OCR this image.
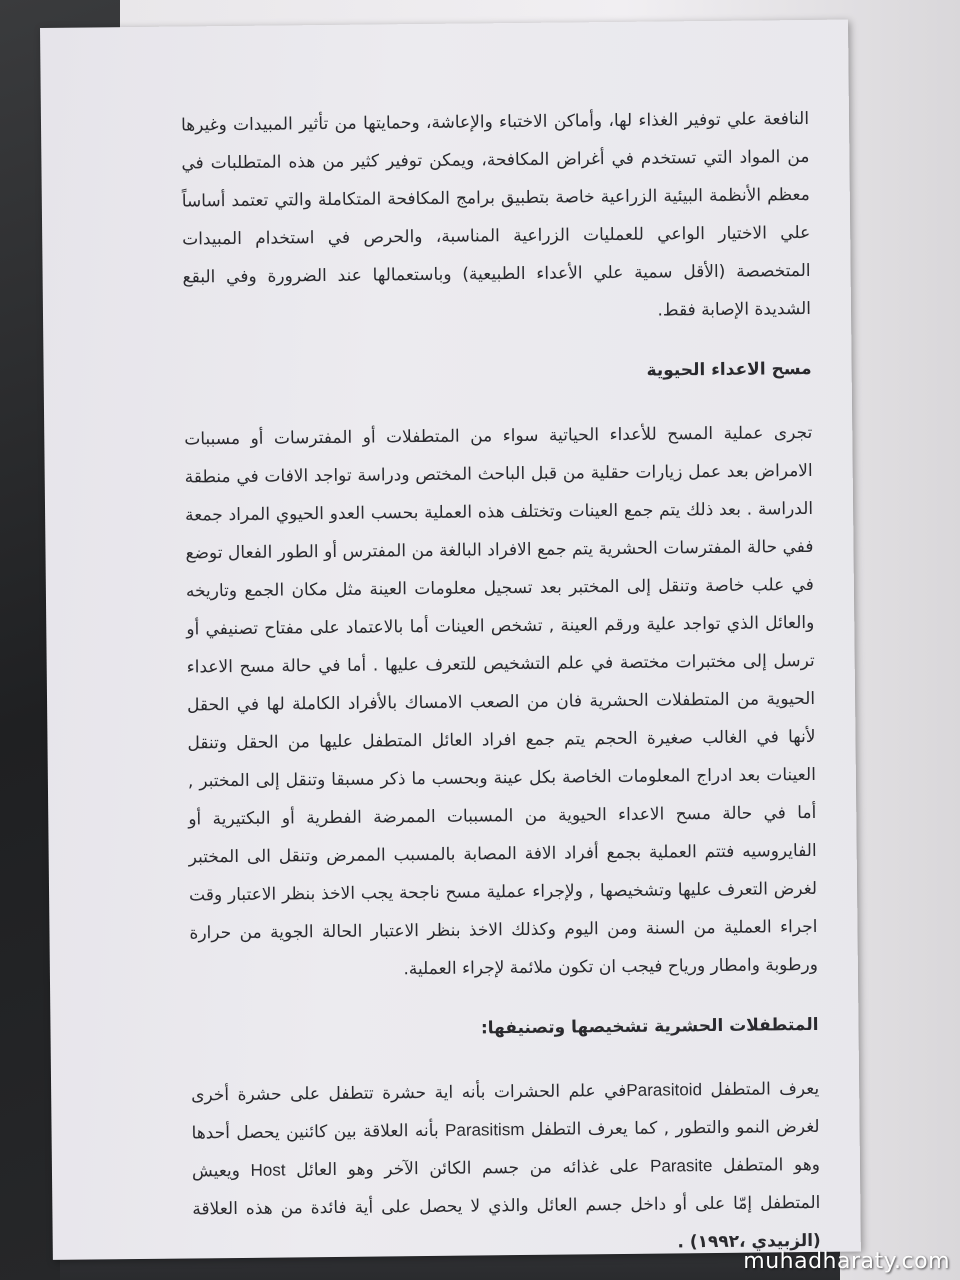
النافعة علي توفير الغذاء لها، وأماكن الاختباء والإعاشة، وحمايتها من تأثير المبيدات وغيرها من المواد التي تستخدم في أغراض المكافحة، ويمكن توفير كثير من هذه المتطلبات في معظم الأنظمة البيئية الزراعية خاصة بتطبيق برامج المكافحة المتكاملة والتي تعتمد أساساً علي الاختيار الواعي للعمليات الزراعية المناسبة، والحرص في استخدام المبيدات المتخصصة (الأقل سمية علي الأعداء الطبيعية) وباستعمالها عند الضرورة وفي البقع الشديدة الإصابة فقط.

مسح الاعداء الحيوية

تجرى عملية المسح للأعداء الحياتية سواء من المتطفلات أو المفترسات أو مسببات الامراض بعد عمل زيارات حقلية من قبل الباحث المختص ودراسة تواجد الافات في منطقة الدراسة . بعد ذلك يتم جمع العينات وتختلف هذه العملية بحسب العدو الحيوي المراد جمعة ففي حالة المفترسات الحشرية يتم جمع الافراد البالغة من المفترس أو الطور الفعال توضع في علب خاصة وتنقل إلى المختبر بعد تسجيل معلومات العينة مثل مكان الجمع وتاريخه والعائل الذي تواجد علية ورقم العينة , تشخص العينات أما بالاعتماد على مفتاح تصنيفي أو ترسل إلى مختبرات مختصة في علم التشخيص للتعرف عليها . أما في حالة مسح الاعداء الحيوية من المتطفلات الحشرية فان من الصعب الامساك بالأفراد الكاملة لها في الحقل لأنها في الغالب صغيرة الحجم يتم جمع افراد العائل المتطفل عليها من الحقل وتنقل العينات بعد ادراج المعلومات الخاصة بكل عينة وبحسب ما ذكر مسبقا وتنقل إلى المختبر , أما في حالة مسح الاعداء الحيوية من المسببات الممرضة الفطرية أو البكتيرية أو الفايروسيه فتتم العملية بجمع أفراد الافة المصابة بالمسبب الممرض وتنقل الى المختبر لغرض التعرف عليها وتشخيصها , ولإجراء عملية مسح ناجحة يجب الاخذ بنظر الاعتبار وقت اجراء العملية من السنة ومن اليوم وكذلك الاخذ بنظر الاعتبار الحالة الجوية من حرارة ورطوبة وامطار ورياح فيجب ان تكون ملائمة لإجراء العملية.

المتطفلات الحشرية تشخيصها وتصنيفها:

يعرف المتطفل Parasitoidفي علم الحشرات بأنه اية حشرة تتطفل على حشرة أخرى لغرض النمو والتطور , كما يعرف التطفل Parasitism بأنه العلاقة بين كائنين يحصل أحدها وهو المتطفل Parasite على غذائه من جسم الكائن الآخر وهو العائل Host ويعيش المتطفل إمّا على أو داخل جسم العائل والذي لا يحصل على أية فائدة من هذه العلاقة (الزبيدي ،١٩٩٢) .

muhadharaty.com
